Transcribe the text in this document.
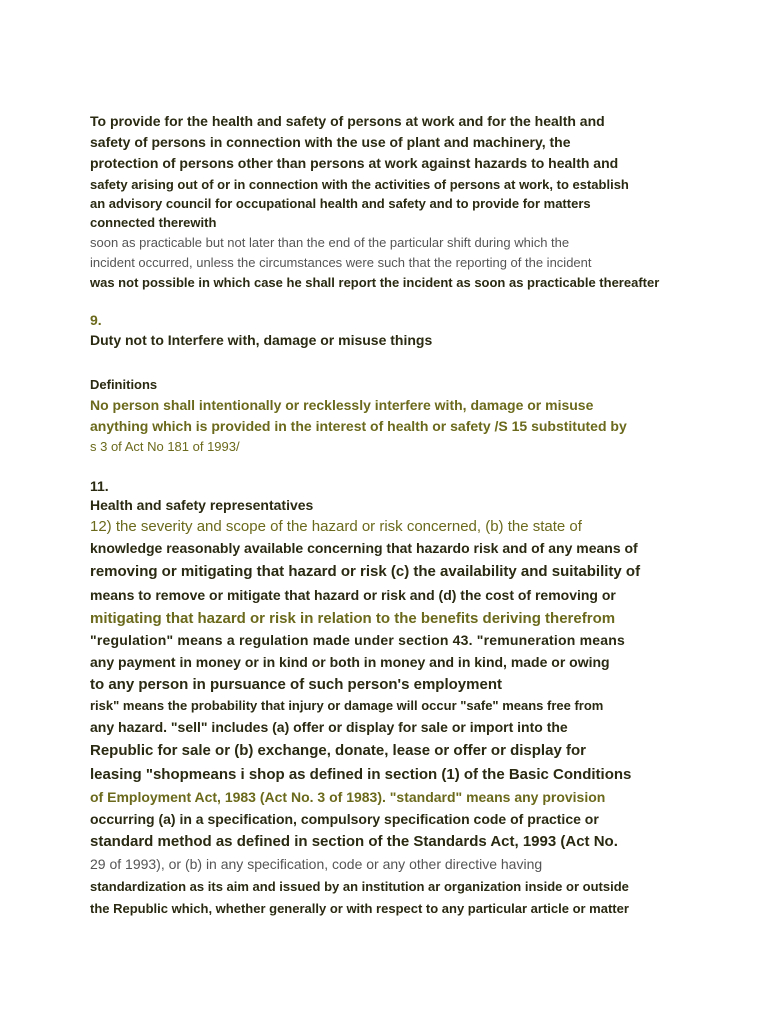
To provide for the health and safety of persons at work and for the health and
safety of persons in connection with the use of plant and machinery, the
protection of persons other than persons at work against hazards to health and
safety arising out of or in connection with the activities of persons at work, to establish
an advisory council for occupational health and safety and to provide for matters
connected therewith
soon as practicable but not later than the end of the particular shift during which the
incident occurred, unless the circumstances were such that the reporting of the incident
was not possible in which case he shall report the incident as soon as practicable thereafter
9.
Duty not to Interfere with, damage or misuse things
Definitions
No person shall intentionally or recklessly interfere with, damage or misuse
anything which is provided in the interest of health or safety /S 15 substituted by
s 3 of Act No 181 of 1993/
11.
Health and safety representatives
12) the severity and scope of the hazard or risk concerned, (b) the state of
knowledge reasonably available concerning that hazardo risk and of any means of
removing or mitigating that hazard or risk (c) the availability and suitability of
means to remove or mitigate that hazard or risk and (d) the cost of removing or
mitigating that hazard or risk in relation to the benefits deriving therefrom
"regulation" means a regulation made under section 43. "remuneration means
any payment in money or in kind or both in money and in kind, made or owing
to any person in pursuance of such person's employment
risk" means the probability that injury or damage will occur "safe" means free from
any hazard. "sell" includes (a) offer or display for sale or import into the
Republic for sale or (b) exchange, donate, lease or offer or display for
leasing "shopmeans i shop as defined in section (1) of the Basic Conditions
of Employment Act, 1983 (Act No. 3 of 1983). "standard" means any provision
occurring (a) in a specification, compulsory specification code of practice or
standard method as defined in section of the Standards Act, 1993 (Act No.
29 of 1993), or (b) in any specification, code or any other directive having
standardization as its aim and issued by an institution ar organization inside or outside
the Republic which, whether generally or with respect to any particular article or matter
